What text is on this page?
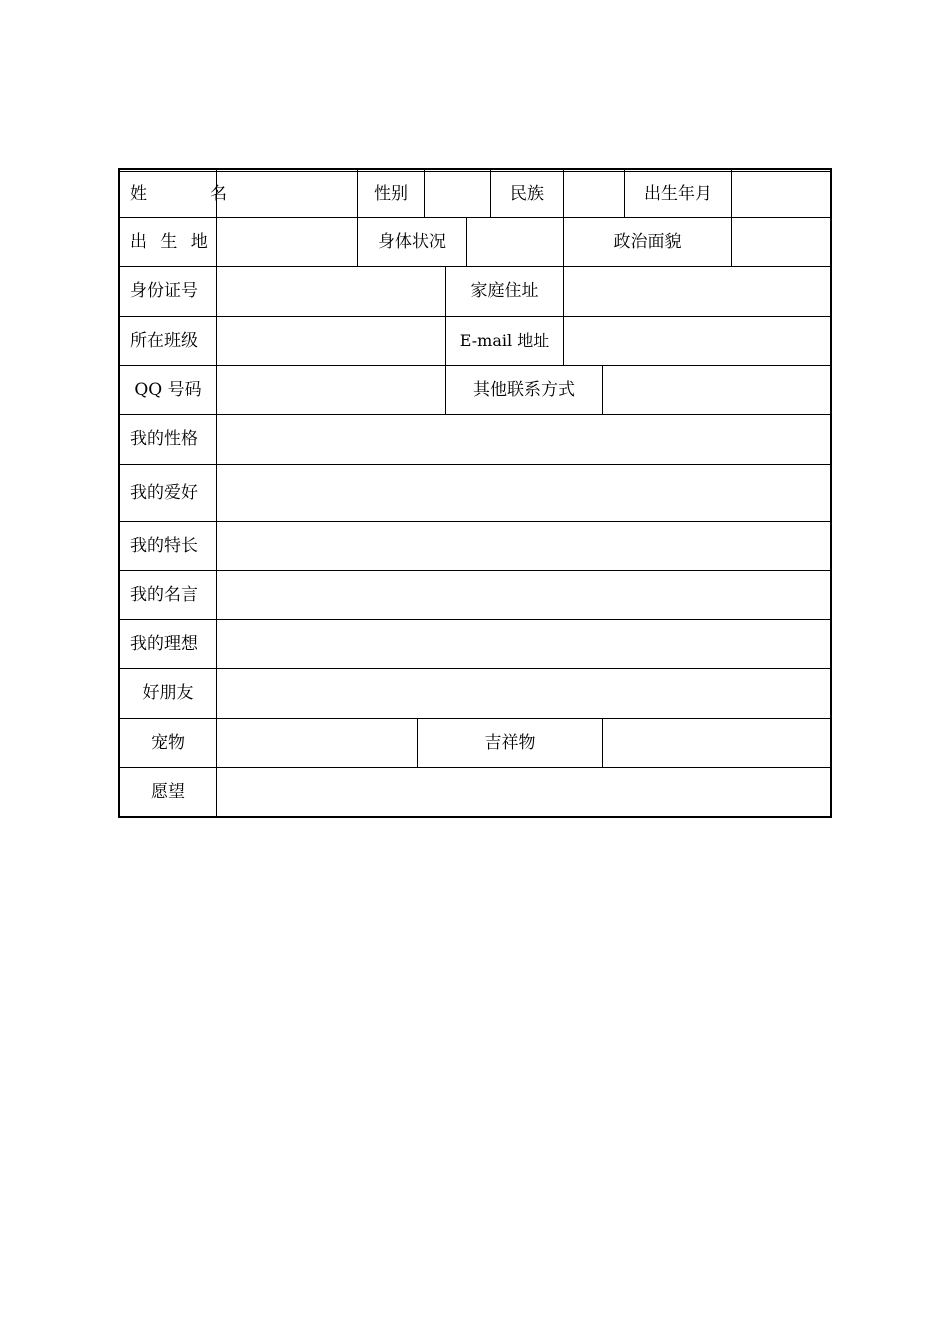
姓　　　名	性别	民族	出生年月
出 生 地	身体状况	政治面貌
身份证号	家庭住址
所在班级	E-mail 地址
QQ 号码	其他联系方式
我的性格
我的爱好
我的特长
我的名言
我的理想
好朋友
宠物	吉祥物
愿望
